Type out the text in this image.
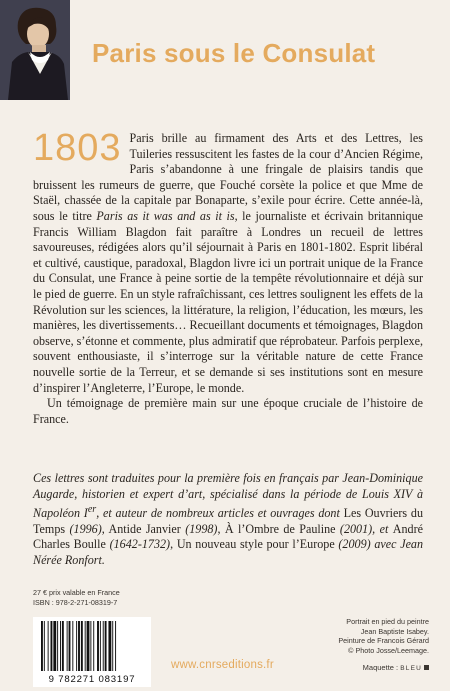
Paris sous le Consulat

1803 Paris brille au firmament des Arts et des Lettres, les Tuileries ressuscitent les fastes de la cour d’Ancien Régime, Paris s’abandonne à une fringale de plaisirs tandis que bruissent les rumeurs de guerre, que Fouché corsète la police et que Mme de Staël, chassée de la capitale par Bonaparte, s’exile pour écrire. Cette année-là, sous le titre Paris as it was and as it is, le journaliste et écrivain britannique Francis William Blagdon fait paraître à Londres un recueil de lettres savoureuses, rédigées alors qu’il séjournait à Paris en 1801-1802. Esprit libéral et cultivé, caustique, paradoxal, Blagdon livre ici un portrait unique de la France du Consulat, une France à peine sortie de la tempête révolutionnaire et déjà sur le pied de guerre. En un style rafraîchissant, ces lettres soulignent les effets de la Révolution sur les sciences, la littérature, la religion, l’éducation, les mœurs, les manières, les divertissements… Recueillant documents et témoignages, Blagdon observe, s’étonne et commente, plus admiratif que réprobateur. Parfois perplexe, souvent enthousiaste, il s’interroge sur la véritable nature de cette France nouvelle sortie de la Terreur, et se demande si ses institutions sont en mesure d’inspirer l’Angleterre, l’Europe, le monde.

Un témoignage de première main sur une époque cruciale de l’histoire de France.

Ces lettres sont traduites pour la première fois en français par Jean-Dominique Augarde, historien et expert d’art, spécialisé dans la période de Louis XIV à Napoléon Ier, et auteur de nombreux articles et ouvrages dont Les Ouvriers du Temps (1996), Antide Janvier (1998), À l’Ombre de Pauline (2001), et André Charles Boulle (1642-1732), Un nouveau style pour l’Europe (2009) avec Jean Nérée Ronfort.
27 € prix valable en France
ISBN : 978-2-271-08319-7
9 782271 083197
www.cnrseditions.fr
Portrait en pied du peintre
Jean Baptiste Isabey.
Peinture de Francois Gérard
© Photo Josse/Leemage.
Maquette : BLEU
